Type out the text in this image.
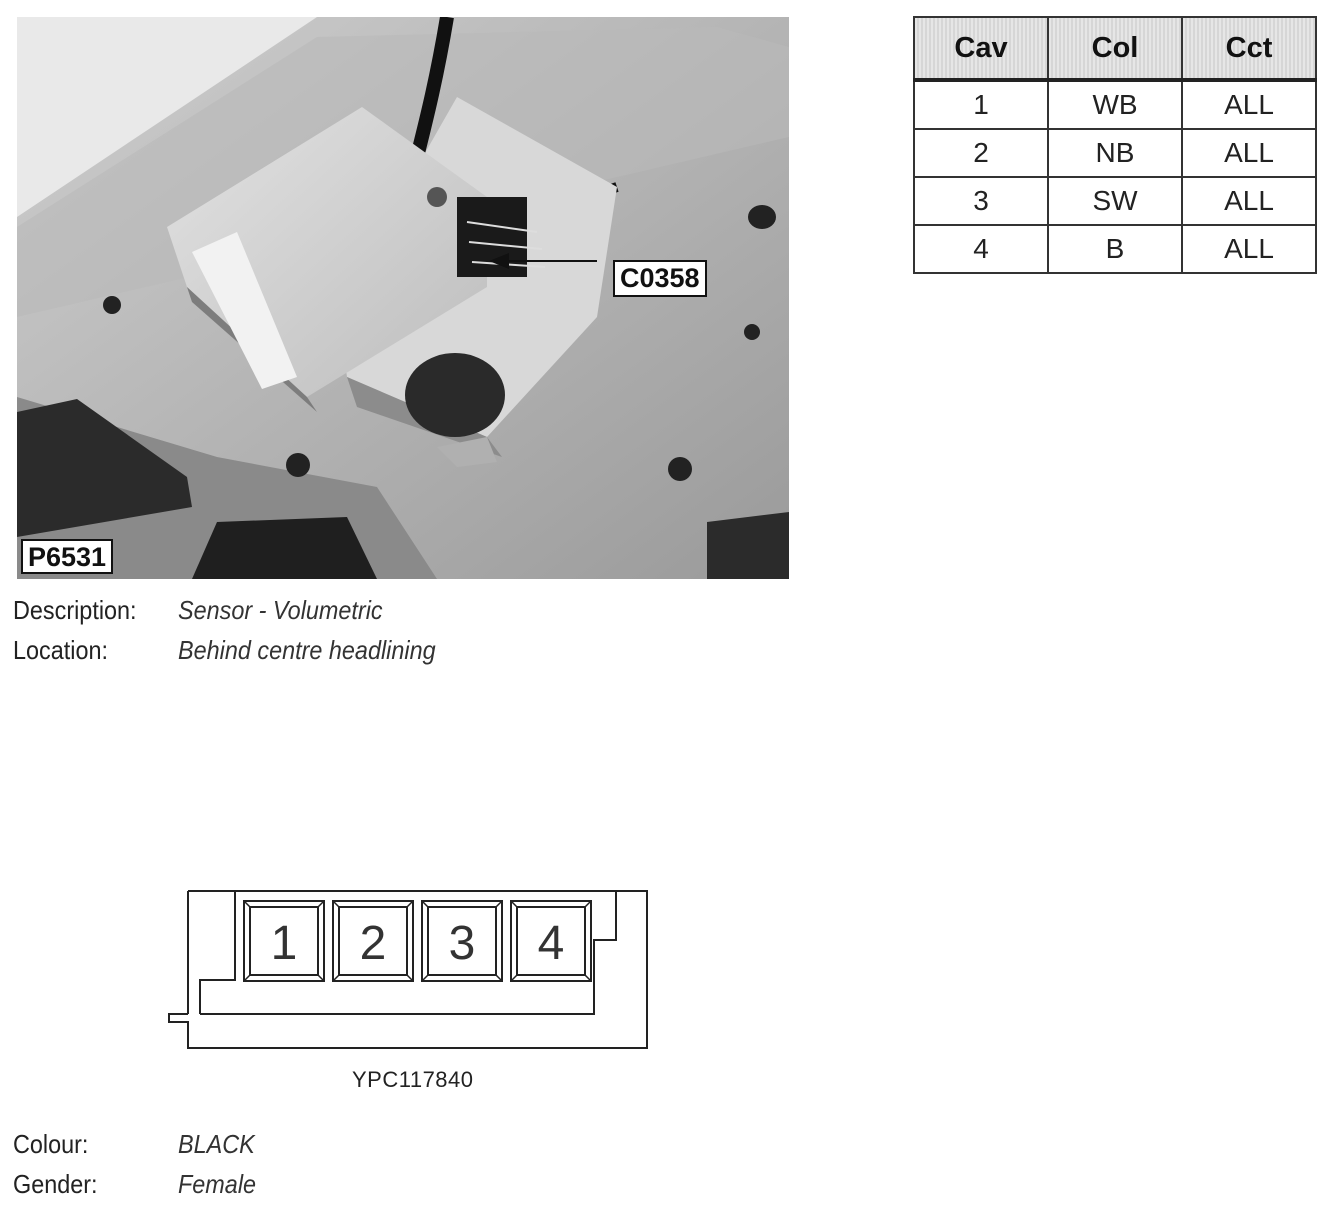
P6531
C0358
Description:	Sensor - Volumetric
Location:	Behind centre headlining
Cav	Col	Cct
1	WB	ALL
2	NB	ALL
3	SW	ALL
4	B	ALL
1 2 3 4
YPC117840
Colour:	BLACK
Gender:	Female
